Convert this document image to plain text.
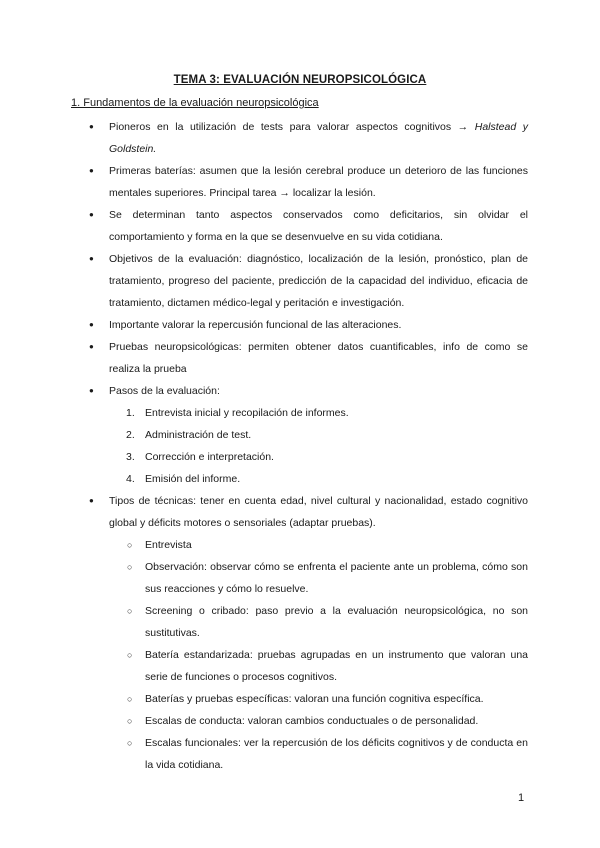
TEMA 3: EVALUACIÓN NEUROPSICOLÓGICA
1. Fundamentos de la evaluación neuropsicológica
● Pioneros en la utilización de tests para valorar aspectos cognitivos → Halstead y Goldstein.
● Primeras baterías: asumen que la lesión cerebral produce un deterioro de las funciones mentales superiores. Principal tarea → localizar la lesión.
● Se determinan tanto aspectos conservados como deficitarios, sin olvidar el comportamiento y forma en la que se desenvuelve en su vida cotidiana.
● Objetivos de la evaluación: diagnóstico, localización de la lesión, pronóstico, plan de tratamiento, progreso del paciente, predicción de la capacidad del individuo, eficacia de tratamiento, dictamen médico-legal y peritación e investigación.
● Importante valorar la repercusión funcional de las alteraciones.
● Pruebas neuropsicológicas: permiten obtener datos cuantificables, info de como se realiza la prueba
● Pasos de la evaluación:
1. Entrevista inicial y recopilación de informes.
2. Administración de test.
3. Corrección e interpretación.
4. Emisión del informe.
● Tipos de técnicas: tener en cuenta edad, nivel cultural y nacionalidad, estado cognitivo global y déficits motores o sensoriales (adaptar pruebas).
○ Entrevista
○ Observación: observar cómo se enfrenta el paciente ante un problema, cómo son sus reacciones y cómo lo resuelve.
○ Screening o cribado: paso previo a la evaluación neuropsicológica, no son sustitutivas.
○ Batería estandarizada: pruebas agrupadas en un instrumento que valoran una serie de funciones o procesos cognitivos.
○ Baterías y pruebas específicas: valoran una función cognitiva específica.
○ Escalas de conducta: valoran cambios conductuales o de personalidad.
○ Escalas funcionales: ver la repercusión de los déficits cognitivos y de conducta en la vida cotidiana.
1
